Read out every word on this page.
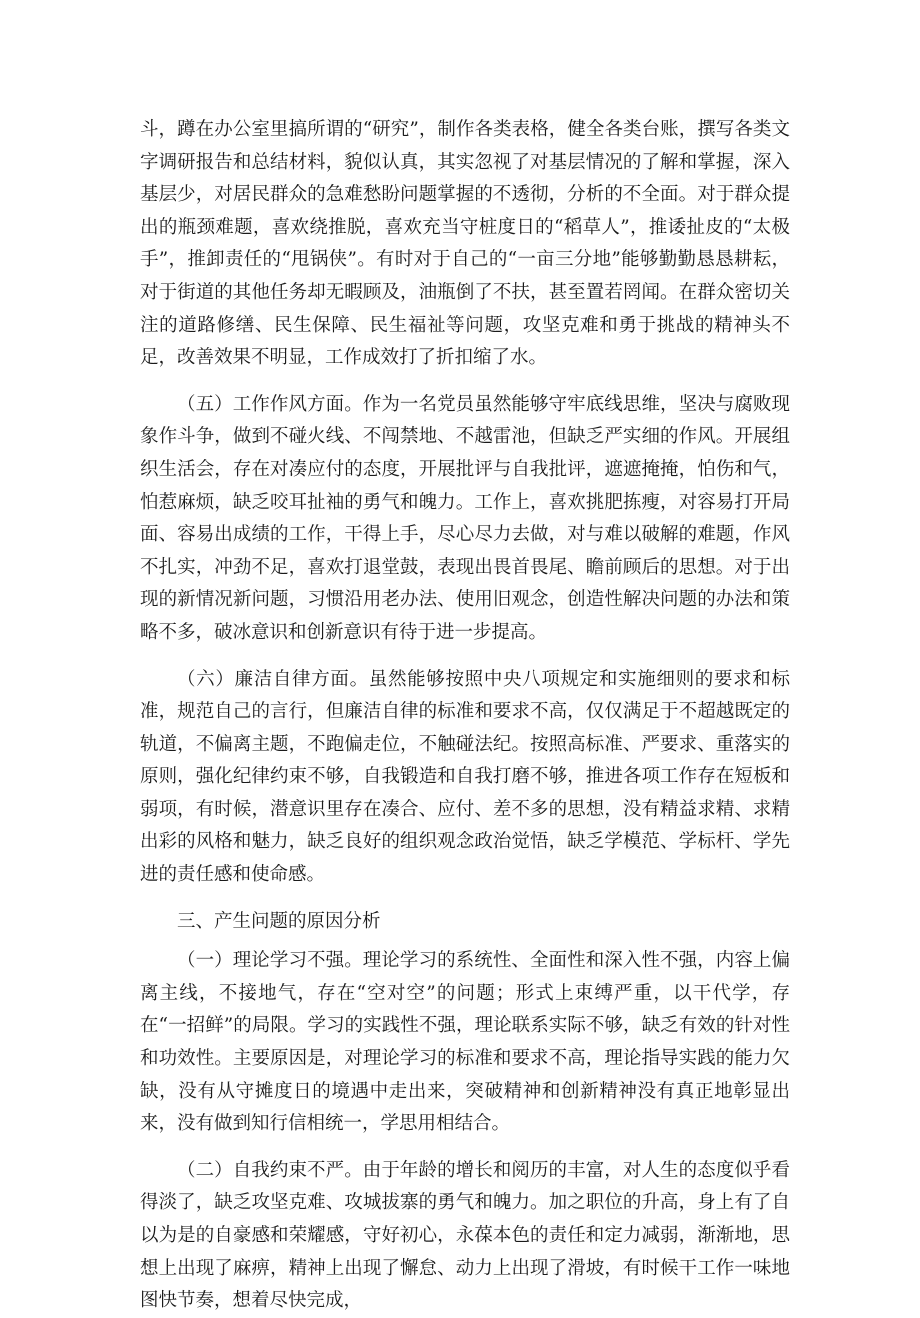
斗，蹲在办公室里搞所谓的“研究”，制作各类表格，健全各类台账，撰写各类文字调研报告和总结材料，貌似认真，其实忽视了对基层情况的了解和掌握，深入基层少，对居民群众的急难愁盼问题掌握的不透彻，分析的不全面。对于群众提出的瓶颈难题，喜欢绕推脱，喜欢充当守桩度日的“稻草人”，推诿扯皮的“太极手”，推卸责任的“甩锅侠”。有时对于自己的“一亩三分地”能够勤勤恳恳耕耘，对于街道的其他任务却无暇顾及，油瓶倒了不扶，甚至置若罔闻。在群众密切关注的道路修缮、民生保障、民生福祉等问题，攻坚克难和勇于挑战的精神头不足，改善效果不明显，工作成效打了折扣缩了水。

（五）工作作风方面。作为一名党员虽然能够守牢底线思维，坚决与腐败现象作斗争，做到不碰火线、不闯禁地、不越雷池，但缺乏严实细的作风。开展组织生活会，存在对凑应付的态度，开展批评与自我批评，遮遮掩掩，怕伤和气，怕惹麻烦，缺乏咬耳扯袖的勇气和魄力。工作上，喜欢挑肥拣瘦，对容易打开局面、容易出成绩的工作，干得上手，尽心尽力去做，对与难以破解的难题，作风不扎实，冲劲不足，喜欢打退堂鼓，表现出畏首畏尾、瞻前顾后的思想。对于出现的新情况新问题，习惯沿用老办法、使用旧观念，创造性解决问题的办法和策略不多，破冰意识和创新意识有待于进一步提高。

（六）廉洁自律方面。虽然能够按照中央八项规定和实施细则的要求和标准，规范自己的言行，但廉洁自律的标准和要求不高，仅仅满足于不超越既定的轨道，不偏离主题，不跑偏走位，不触碰法纪。按照高标准、严要求、重落实的原则，强化纪律约束不够，自我锻造和自我打磨不够，推进各项工作存在短板和弱项，有时候，潜意识里存在凑合、应付、差不多的思想，没有精益求精、求精出彩的风格和魅力，缺乏良好的组织观念政治觉悟，缺乏学模范、学标杆、学先进的责任感和使命感。

三、产生问题的原因分析

（一）理论学习不强。理论学习的系统性、全面性和深入性不强，内容上偏离主线，不接地气，存在“空对空”的问题；形式上束缚严重，以干代学，存在“一招鲜”的局限。学习的实践性不强，理论联系实际不够，缺乏有效的针对性和功效性。主要原因是，对理论学习的标准和要求不高，理论指导实践的能力欠缺，没有从守摊度日的境遇中走出来，突破精神和创新精神没有真正地彰显出来，没有做到知行信相统一，学思用相结合。

（二）自我约束不严。由于年龄的增长和阅历的丰富，对人生的态度似乎看得淡了，缺乏攻坚克难、攻城拔寨的勇气和魄力。加之职位的升高，身上有了自以为是的自豪感和荣耀感，守好初心，永葆本色的责任和定力减弱，渐渐地，思想上出现了麻痹，精神上出现了懈怠、动力上出现了滑坡，有时候干工作一味地图快节奏，想着尽快完成，
